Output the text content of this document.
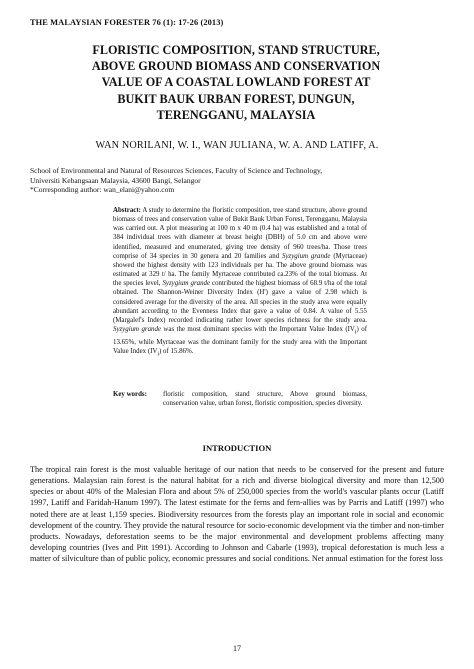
THE MALAYSIAN FORESTER 76 (1): 17-26 (2013)
FLORISTIC COMPOSITION, STAND STRUCTURE,
ABOVE GROUND BIOMASS AND CONSERVATION
VALUE OF A COASTAL LOWLAND FOREST AT
BUKIT BAUK URBAN FOREST, DUNGUN,
TERENGGANU, MALAYSIA
WAN NORILANI, W. I., WAN JULIANA, W. A. AND LATIFF, A.
School of Environmental and Natural of Resources Sciences, Faculty of Science and Technology,
Universiti Kebangsaan Malaysia, 43600 Bangi, Selangor
*Corresponding author: wan_elani@yahoo.com
Abstract: A study to determine the floristic composition, tree stand structure, above ground biomass of trees and conservation value of Bukit Bauk Urban Forest, Terengganu, Malaysia was carried out. A plot measuring at 100 m x 40 m (0.4 ha) was established and a total of 384 individual trees with diameter at breast height (DBH) of 5.0 cm and above were identified, measured and enumerated, giving tree density of 960 trees/ha. Those trees comprise of 34 species in 30 genera and 20 families and Syzygium grande (Myrtaceae) showed the highest density with 123 individuals per ha. The above ground biomass was estimated at 329 t/ ha. The family Myrtaceae contributed ca.23% of the total biomass. At the species level, Syzygium grande contributed the highest biomass of 68.9 t/ha of the total obtained. The Shannon-Weiner Diversity Index (H') gave a value of 2.98 which is considered average for the diversity of the area. All species in the study area were equally abundant according to the Evenness Index that gave a value of 0.84. A value of 5.55 (Margalef's Index) recorded indicating rather lower species richness for the study area. Syzygium grande was the most dominant species with the Important Value Index $(IV_i)$ of 13.65%, while Myrtaceae was the dominant family for the study area with the Important Value Index $(IV_i)$ of 15.86%.
Key words: floristic composition, stand structure, Above ground biomass, conservation value, urban forest, floristic composition, species diversity.
INTRODUCTION
The tropical rain forest is the most valuable heritage of our nation that needs to be conserved for the present and future generations. Malaysian rain forest is the natural habitat for a rich and diverse biological diversity and more than 12,500 species or about 40% of the Malesian Flora and about 5% of 250,000 species from the world's vascular plants occur (Latiff 1997, Latiff and Faridah-Hanum 1997). The latest estimate for the ferns and fern-allies was by Parris and Latiff (1997) who noted there are at least 1,159 species. Biodiversity resources from the forests play an important role in social and economic development of the country. They provide the natural resource for socio-economic development via the timber and non-timber products. Nowadays, deforestation seems to be the major environmental and development problems affecting many developing countries (Ives and Pitt 1991). According to Johnson and Cabarle (1993), tropical deforestation is much less a matter of silviculture than of public policy, economic pressures and social conditions. Net annual estimation for the forest loss
17
